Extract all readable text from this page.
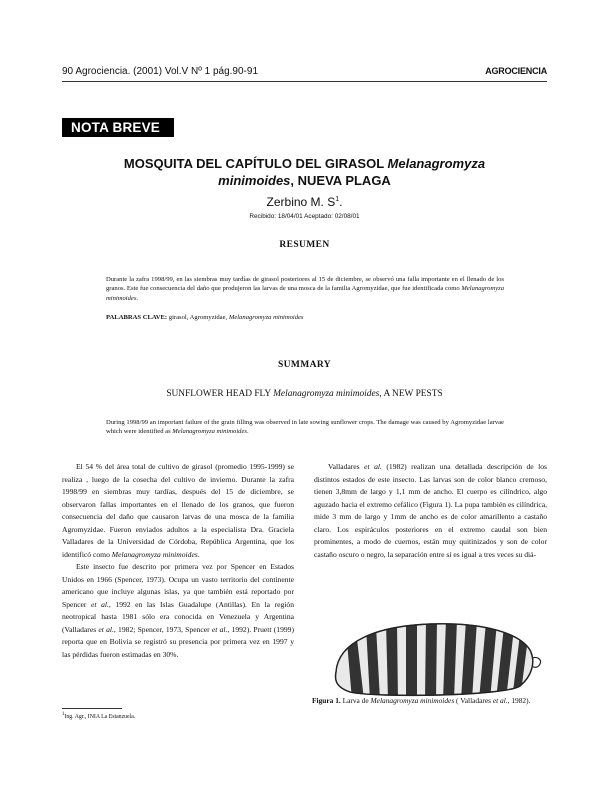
90 Agrociencia. (2001) Vol.V Nº 1 pág.90-91	AGROCIENCIA
NOTA BREVE
MOSQUITA DEL CAPÍTULO DEL GIRASOL Melanagromyza
minimoides, NUEVA PLAGA
Zerbino M. $S^1$.
Recibido: 18/04/01 Aceptado: 02/08/01
RESUMEN
Durante la zafra 1998/99, en las siembras muy tardías de girasol posteriores al 15 de diciembre, se observó una falla importante en el llenado de los granos. Este fue consecuencia del daño que produjeron las larvas de una mosca de la familia Agromyzidae, que fue identificada como Melanagromyza minimoides.
PALABRAS CLAVE: girasol, Agromyzidae, Melanagromyza minimoides
SUMMARY
SUNFLOWER HEAD FLY Melanagromyza minimoides, A NEW PESTS
During 1998/99 an important failure of the grain filling was observed in late sowing sunflower crops. The damage was caused by Agromyzidae larvae which were identified as Melanagromyza minimoides.

El 54 % del área total de cultivo de girasol (promedio 1995-1999) se realiza , luego de la cosecha del cultivo de invierno. Durante la zafra 1998/99 en siembras muy tardías, después del 15 de diciembre, se observaron fallas importantes en el llenado de los granos, que fueron consecuencia del daño que causaron larvas de una mosca de la familia Agromyzidae. Fueron enviados adultos a la especialista Dra. Graciela Valladares de la Universidad de Córdoba, República Argentina, que los identificó como Melanagromyza minimoides.

Este insecto fue descrito por primera vez por Spencer en Estados Unidos en 1966 (Spencer, 1973). Ocupa un vasto territorio del continente americano que incluye algunas islas, ya que también está reportado por Spencer et al., 1992 en las Islas Guadalupe (Antillas). En la región neotropical hasta 1981 sólo era conocida en Venezuela y Argentina (Valladares et al., 1982; Spencer, 1973, Spencer et al., 1992). Pruett (1999) reporta que en Bolivia se registró su presencia por primera vez en 1997 y las pérdidas fueron estimadas en 30%.

Valladares et al. (1982) realizan una detallada descripción de los distintos estados de este insecto. Las larvas son de color blanco cremoso, tienen 3,8mm de largo y 1,1 mm de ancho. El cuerpo es cilíndrico, algo aguzado hacia el extremo cefálico (Figura 1). La pupa también es cilíndrica, mide 3 mm de largo y 1mm de ancho es de color amarillento a castaño claro. Los espiráculos posteriores en el extremo caudal son bien prominentes, a modo de cuernos, están muy quitinizados y son de color castaño oscuro o negro, la separación entre sí es igual a tres veces su diá-

Figura 1. Larva de Melanagromyza minimoides ( Valladares et al., 1982).
$^1$Ing. Agr., INIA La Estanzuela.
